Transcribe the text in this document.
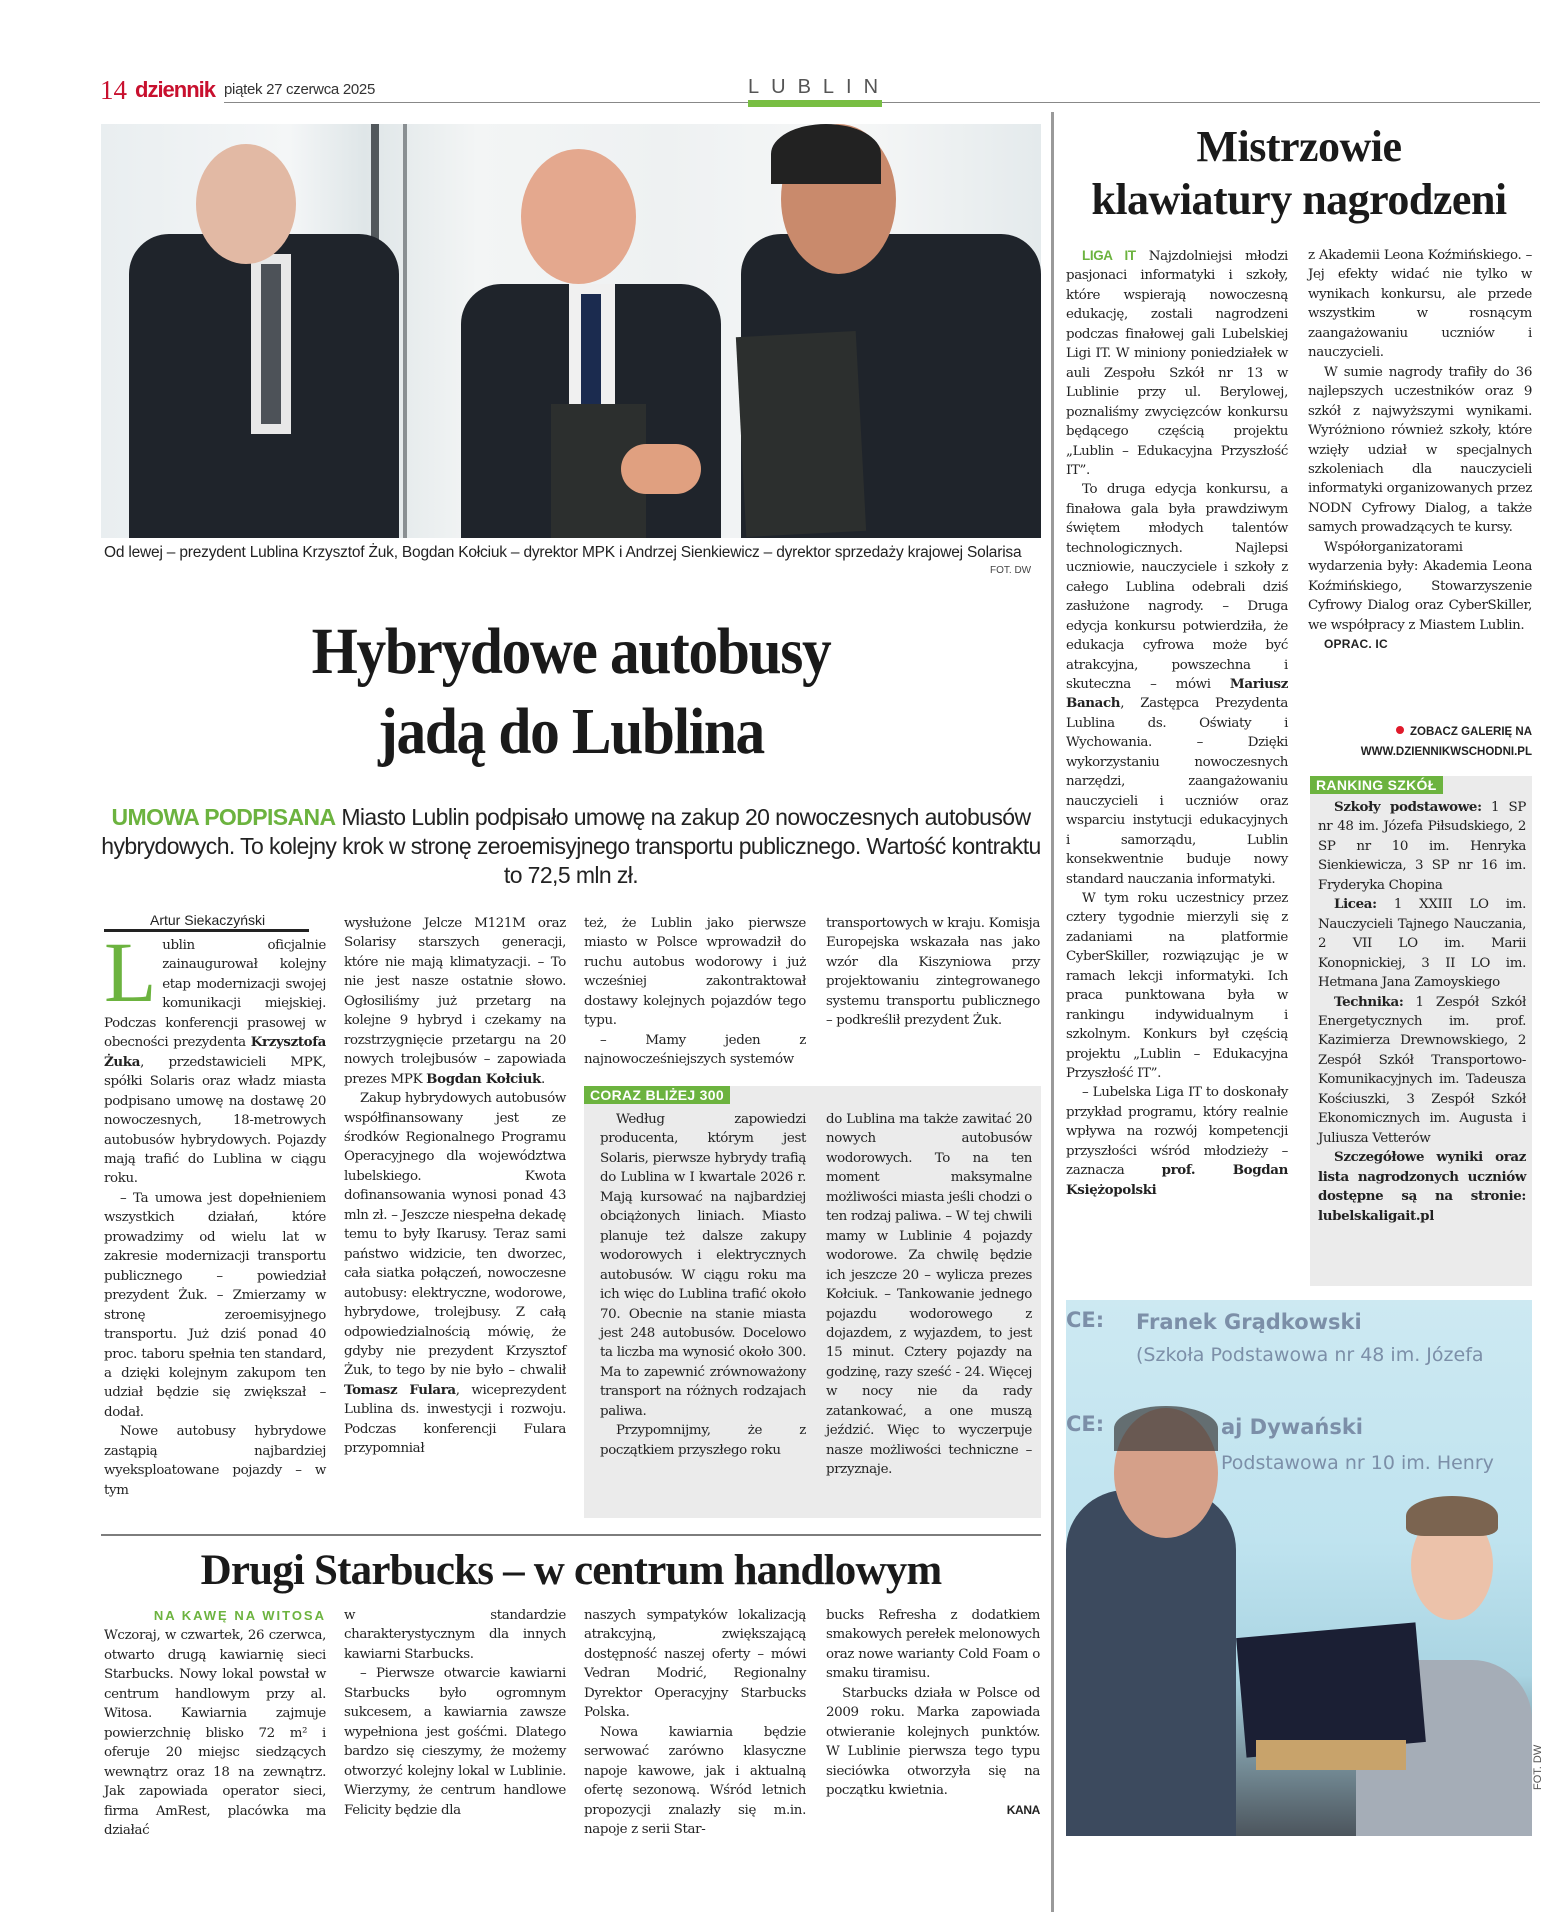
14 dziennik piątek 27 czerwca 2025	LUBLIN
Od lewej – prezydent Lublina Krzysztof Żuk, Bogdan Kołciuk – dyrektor MPK i Andrzej Sienkiewicz – dyrektor sprzedaży krajowej Solarisa
FOT. DW
Hybrydowe autobusy
jadą do Lublina
UMOWA PODPISANA Miasto Lublin podpisało umowę na zakup 20 nowoczesnych autobusów hybrydowych. To kolejny krok w stronę zeroemisyjnego transportu publicznego. Wartość kontraktu to 72,5 mln zł.
Artur Siekaczyński

Lublin oficjalnie zainaugurował kolejny etap modernizacji swojej komunikacji miejskiej. Podczas konferencji prasowej w obecności prezydenta Krzysztofa Żuka, przedstawicieli MPK, spółki Solaris oraz władz miasta podpisano umowę na dostawę 20 nowoczesnych, 18-metrowych autobusów hybrydowych. Pojazdy mają trafić do Lublina w ciągu roku.

– Ta umowa jest dopełnieniem wszystkich działań, które prowadzimy od wielu lat w zakresie modernizacji transportu publicznego – powiedział prezydent Żuk. – Zmierzamy w stronę zeroemisyjnego transportu. Już dziś ponad 40 proc. taboru spełnia ten standard, a dzięki kolejnym zakupom ten udział będzie się zwiększał – dodał.

Nowe autobusy hybrydowe zastąpią najbardziej wyeksploatowane pojazdy – w tym

wysłużone Jelcze M121M oraz Solarisy starszych generacji, które nie mają klimatyzacji. – To nie jest nasze ostatnie słowo. Ogłosiliśmy już przetarg na kolejne 9 hybryd i czekamy na rozstrzygnięcie przetargu na 20 nowych trolejbusów – zapowiada prezes MPK Bogdan Kołciuk.

Zakup hybrydowych autobusów współfinansowany jest ze środków Regionalnego Programu Operacyjnego dla województwa lubelskiego. Kwota dofinansowania wynosi ponad 43 mln zł. – Jeszcze niespełna dekadę temu to były Ikarusy. Teraz sami państwo widzicie, ten dworzec, cała siatka połączeń, nowoczesne autobusy: elektryczne, wodorowe, hybrydowe, trolejbusy. Z całą odpowiedzialnością mówię, że gdyby nie prezydent Krzysztof Żuk, to tego by nie było – chwalił Tomasz Fulara, wiceprezydent Lublina ds. inwestycji i rozwoju. Podczas konferencji Fulara przypomniał

też, że Lublin jako pierwsze miasto w Polsce wprowadził do ruchu autobus wodorowy i już wcześniej zakontraktował dostawy kolejnych pojazdów tego typu.

– Mamy jeden z najnowocześniejszych systemów

transportowych w kraju. Komisja Europejska wskazała nas jako wzór dla Kiszyniowa przy projektowaniu zintegrowanego systemu transportu publicznego – podkreślił prezydent Żuk.

CORAZ BLIŻEJ 300

Według zapowiedzi producenta, którym jest Solaris, pierwsze hybrydy trafią do Lublina w I kwartale 2026 r. Mają kursować na najbardziej obciążonych liniach. Miasto planuje też dalsze zakupy wodorowych i elektrycznych autobusów. W ciągu roku ma ich więc do Lublina trafić około 70. Obecnie na stanie miasta jest 248 autobusów. Docelowo ta liczba ma wynosić około 300. Ma to zapewnić zrównoważony transport na różnych rodzajach paliwa.

Przypomnijmy, że z początkiem przyszłego roku

do Lublina ma także zawitać 20 nowych autobusów wodorowych. To na ten moment maksymalne możliwości miasta jeśli chodzi o ten rodzaj paliwa. – W tej chwili mamy w Lublinie 4 pojazdy wodorowe. Za chwilę będzie ich jeszcze 20 – wylicza prezes Kołciuk. – Tankowanie jednego pojazdu wodorowego z dojazdem, z wyjazdem, to jest 15 minut. Cztery pojazdy na godzinę, razy sześć - 24. Więcej w nocy nie da rady zatankować, a one muszą jeździć. Więc to wyczerpuje nasze możliwości techniczne – przyznaje.

Mistrzowie
klawiatury nagrodzeni

LIGA IT Najzdolniejsi młodzi pasjonaci informatyki i szkoły, które wspierają nowoczesną edukację, zostali nagrodzeni podczas finałowej gali Lubelskiej Ligi IT. W miniony poniedziałek w auli Zespołu Szkół nr 13 w Lublinie przy ul. Berylowej, poznaliśmy zwycięzców konkursu będącego częścią projektu „Lublin – Edukacyjna Przyszłość IT”.

To druga edycja konkursu, a finałowa gala była prawdziwym świętem młodych talentów technologicznych. Najlepsi uczniowie, nauczyciele i szkoły z całego Lublina odebrali dziś zasłużone nagrody. – Druga edycja konkursu potwierdziła, że edukacja cyfrowa może być atrakcyjna, powszechna i skuteczna – mówi Mariusz Banach, Zastępca Prezydenta Lublina ds. Oświaty i Wychowania. – Dzięki wykorzystaniu nowoczesnych narzędzi, zaangażowaniu nauczycieli i uczniów oraz wsparciu instytucji edukacyjnych i samorządu, Lublin konsekwentnie buduje nowy standard nauczania informatyki.

W tym roku uczestnicy przez cztery tygodnie mierzyli się z zadaniami na platformie CyberSkiller, rozwiązując je w ramach lekcji informatyki. Ich praca punktowana była w rankingu indywidualnym i szkolnym. Konkurs był częścią projektu „Lublin – Edukacyjna Przyszłość IT”.

– Lubelska Liga IT to doskonały przykład programu, który realnie wpływa na rozwój kompetencji przyszłości wśród młodzieży – zaznacza prof. Bogdan Księżopolski

z Akademii Leona Koźmińskiego. – Jej efekty widać nie tylko w wynikach konkursu, ale przede wszystkim w rosnącym zaangażowaniu uczniów i nauczycieli.

W sumie nagrody trafiły do 36 najlepszych uczestników oraz 9 szkół z najwyższymi wynikami. Wyróżniono również szkoły, które wzięły udział w specjalnych szkoleniach dla nauczycieli informatyki organizowanych przez NODN Cyfrowy Dialog, a także samych prowadzących te kursy.

Współorganizatorami wydarzenia były: Akademia Leona Koźmińskiego, Stowarzyszenie Cyfrowy Dialog oraz CyberSkiller, we współpracy z Miastem Lublin.

OPRAC. IC

ZOBACZ GALERIĘ NA
WWW.DZIENNIKWSCHODNI.PL
RANKING SZKÓŁ

Szkoły podstawowe: 1 SP nr 48 im. Józefa Piłsudskiego, 2 SP nr 10 im. Henryka Sienkiewicza, 3 SP nr 16 im. Fryderyka Chopina

Licea: 1 XXIII LO im. Nauczycieli Tajnego Nauczania, 2 VII LO im. Marii Konopnickiej, 3 II LO im. Hetmana Jana Zamoyskiego

Technika: 1 Zespół Szkół Energetycznych im. prof. Kazimierza Drewnowskiego, 2 Zespół Szkół Transportowo-Komunikacyjnych im. Tadeusza Kościuszki, 3 Zespół Szkół Ekonomicznych im. Augusta i Juliusza Vetterów

Szczegółowe wyniki oraz lista nagrodzonych uczniów dostępne są na stronie: lubelskaligait.pl

CE: Franek Grądkowski
(Szkoła Podstawowa nr 48 im. Józefa
CE:	aj Dywański
Podstawowa nr 10 im. Henry
FOT. DW
Drugi Starbucks – w centrum handlowym

NA KAWĘ NA WITOSA

Wczoraj, w czwartek, 26 czerwca, otwarto drugą kawiarnię sieci Starbucks. Nowy lokal powstał w centrum handlowym przy al. Witosa. Kawiarnia zajmuje powierzchnię blisko 72 m² i oferuje 20 miejsc siedzących wewnątrz oraz 18 na zewnątrz. Jak zapowiada operator sieci, firma AmRest, placówka ma działać

w standardzie charakterystycznym dla innych kawiarni Starbucks.

– Pierwsze otwarcie kawiarni Starbucks było ogromnym sukcesem, a kawiarnia zawsze wypełniona jest gośćmi. Dlatego bardzo się cieszymy, że możemy otworzyć kolejny lokal w Lublinie. Wierzymy, że centrum handlowe Felicity będzie dla

naszych sympatyków lokalizacją atrakcyjną, zwiększającą dostępność naszej oferty – mówi Vedran Modrić, Regionalny Dyrektor Operacyjny Starbucks Polska.

Nowa kawiarnia będzie serwować zarówno klasyczne napoje kawowe, jak i aktualną ofertę sezonową. Wśród letnich propozycji znalazły się m.in. napoje z serii Star-

bucks Refresha z dodatkiem smakowych perełek melonowych oraz nowe warianty Cold Foam o smaku tiramisu.

Starbucks działa w Polsce od 2009 roku. Marka zapowiada otwieranie kolejnych punktów. W Lublinie pierwsza tego typu sieciówka otworzyła się na początku kwietnia.

KANA
